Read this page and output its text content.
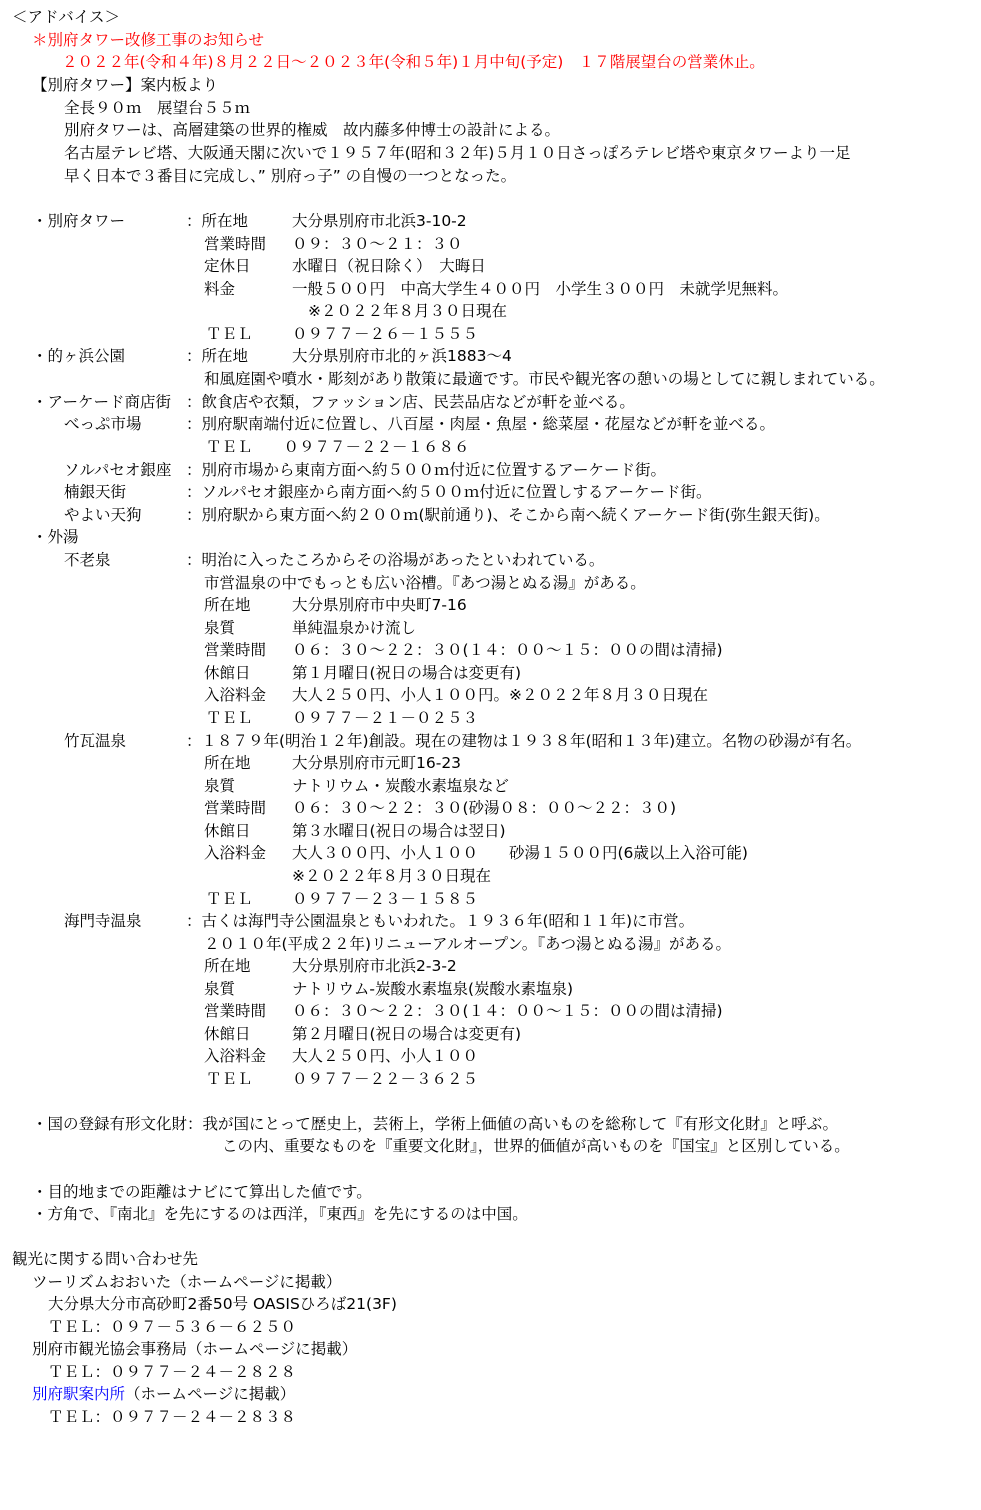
＜アドバイス＞
＊別府タワー改修工事のお知らせ
２０２２年(令和４年)８月２２日～２０２３年(令和５年)１月中旬(予定)　１７階展望台の営業休止。
【別府タワー】案内板より
全長９０ｍ　展望台５５ｍ
別府タワーは、高層建築の世界的権威　故内藤多仲博士の設計による。
名古屋テレビ塔、大阪通天閣に次いで１９５７年(昭和３２年)５月１０日さっぽろテレビ塔や東京タワーより一足
早く日本で３番目に完成し、” 別府っ子” の自慢の一つとなった。
・別府タワー	：所在地	大分県別府市北浜3-10-2
営業時間 ０９：３０～２１：３０
定休日	水曜日（祝日除く）　大晦日
料金	一般５００円　中高大学生４００円　小学生３００円　未就学児無料。
※２０２２年８月３０日現在
ＴＥＬ	０９７７－２６－１５５５
・的ヶ浜公園	：所在地	大分県別府市北的ヶ浜1883～4
和風庭園や噴水・彫刻があり散策に最適です。市民や観光客の憩いの場としてに親しまれている。
・アーケード商店街 ：飲食店や衣類，ファッション店、民芸品店などが軒を並べる。
べっぷ市場	：別府駅南端付近に位置し、八百屋・肉屋・魚屋・総菜屋・花屋などが軒を並べる。
ＴＥＬ　　０９７７－２２－１６８６
ソルパセオ銀座 ：別府市場から東南方面へ約５００ｍ付近に位置するアーケード街。
楠銀天街	：ソルパセオ銀座から南方面へ約５００ｍ付近に位置しするアーケード街。
やよい天狗	：別府駅から東方面へ約２００ｍ(駅前通り)、そこから南へ続くアーケード街(弥生銀天街)。
・外湯
不老泉	：明治に入ったころからその浴場があったといわれている。
市営温泉の中でもっとも広い浴槽。『あつ湯とぬる湯』がある。
所在地	大分県別府市中央町7-16
泉質	単純温泉かけ流し
営業時間 ０６：３０～２２：３０(１４：００～１５：００の間は清掃)
休館日	第１月曜日(祝日の場合は変更有)
入浴料金 大人２５０円、小人１００円。※２０２２年８月３０日現在
ＴＥＬ	０９７７－２１－０２５３
竹瓦温泉	：１８７９年(明治１２年)創設。現在の建物は１９３８年(昭和１３年)建立。名物の砂湯が有名。
所在地	大分県別府市元町16-23
泉質	ナトリウム・炭酸水素塩泉など
営業時間 ０６：３０～２２：３０(砂湯０８：００～２２：３０)
休館日	第３水曜日(祝日の場合は翌日)
入浴料金 大人３００円、小人１００　　砂湯１５００円(6歳以上入浴可能)
※２０２２年８月３０日現在
ＴＥＬ	０９７７－２３－１５８５
海門寺温泉	：古くは海門寺公園温泉ともいわれた。１９３６年(昭和１１年)に市営。
２０１０年(平成２２年)リニューアルオープン。『あつ湯とぬる湯』がある。
所在地	大分県別府市北浜2-3-2
泉質	ナトリウム-炭酸水素塩泉(炭酸水素塩泉)
営業時間 ０６：３０～２２：３０(１４：００～１５：００の間は清掃)
休館日	第２月曜日(祝日の場合は変更有)
入浴料金 大人２５０円、小人１００
ＴＥＬ	０９７７－２２－３６２５
・国の登録有形文化財：我が国にとって歴史上，芸術上，学術上価値の高いものを総称して『有形文化財』と呼ぶ。
この内、重要なものを『重要文化財』，世界的価値が高いものを『国宝』と区別している。
・目的地までの距離はナビにて算出した値です。
・方角で、『南北』を先にするのは西洋，『東西』を先にするのは中国。
観光に関する問い合わせ先
ツーリズムおおいた（ホームページに掲載）
大分県大分市高砂町2番50号 OASISひろば21(3F)
ＴＥＬ：０９７－５３６－６２５０
別府市観光協会事務局（ホームページに掲載）
ＴＥＬ：０９７７－２４－２８２８
別府駅案内所（ホームページに掲載）
ＴＥＬ：０９７７－２４－２８３８
